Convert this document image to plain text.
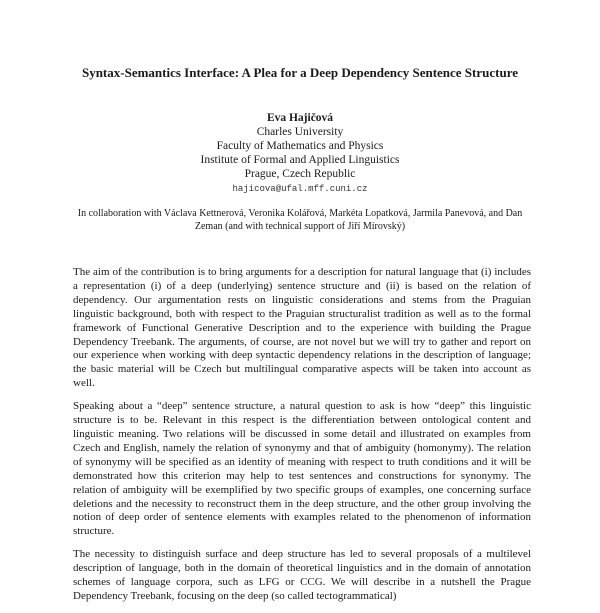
Syntax-Semantics Interface: A Plea for a Deep Dependency Sentence Structure
Eva Hajičová
Charles University
Faculty of Mathematics and Physics
Institute of Formal and Applied Linguistics
Prague, Czech Republic
hajicova@ufal.mff.cuni.cz
In collaboration with Václava Kettnerová, Veronika Kolářová, Markéta Lopatková, Jarmila Panevová, and Dan Zeman (and with technical support of Jiří Mírovský)

The aim of the contribution is to bring arguments for a description for natural language that (i) includes a representation (i) of a deep (underlying) sentence structure and (ii) is based on the relation of dependency. Our argumentation rests on linguistic considerations and stems from the Praguian linguistic background, both with respect to the Praguian structuralist tradition as well as to the formal framework of Functional Generative Description and to the experience with building the Prague Dependency Treebank. The arguments, of course, are not novel but we will try to gather and report on our experience when working with deep syntactic dependency relations in the description of language; the basic material will be Czech but multilingual comparative aspects will be taken into account as well.

Speaking about a “deep” sentence structure, a natural question to ask is how “deep” this linguistic structure is to be. Relevant in this respect is the differentiation between ontological content and linguistic meaning. Two relations will be discussed in some detail and illustrated on examples from Czech and English, namely the relation of synonymy and that of ambiguity (homonymy). The relation of synonymy will be specified as an identity of meaning with respect to truth conditions and it will be demonstrated how this criterion may help to test sentences and constructions for synonymy. The relation of ambiguity will be exemplified by two specific groups of examples, one concerning surface deletions and the necessity to reconstruct them in the deep structure, and the other group involving the notion of deep order of sentence elements with examples related to the phenomenon of information structure.

The necessity to distinguish surface and deep structure has led to several proposals of a multilevel description of language, both in the domain of theoretical linguistics and in the domain of annotation schemes of language corpora, such as LFG or CCG. We will describe in a nutshell the Prague Dependency Treebank, focusing on the deep (so called tectogrammatical)
